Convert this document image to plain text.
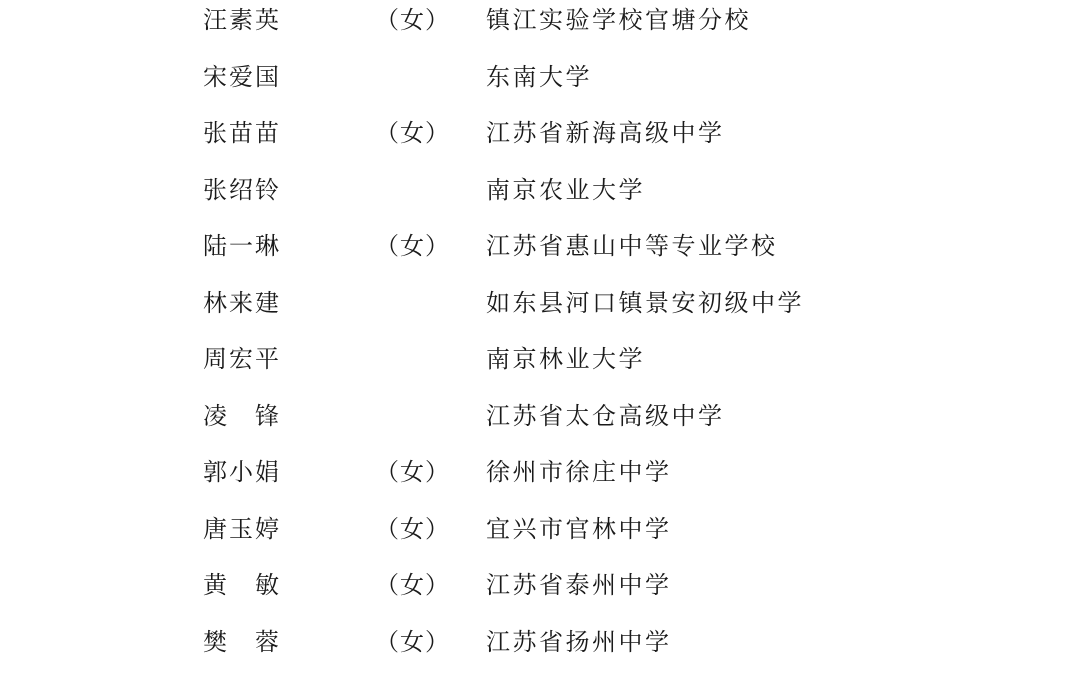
汪素英	（女） 镇江实验学校官塘分校
宋爱国	东南大学
张苗苗	（女） 江苏省新海高级中学
张绍铃	南京农业大学
陆一琳	（女） 江苏省惠山中等专业学校
林来建	如东县河口镇景安初级中学
周宏平	南京林业大学
凌　锋	江苏省太仓高级中学
郭小娟	（女） 徐州市徐庄中学
唐玉婷	（女） 宜兴市官林中学
黄　敏	（女） 江苏省泰州中学
樊　蓉	（女） 江苏省扬州中学
